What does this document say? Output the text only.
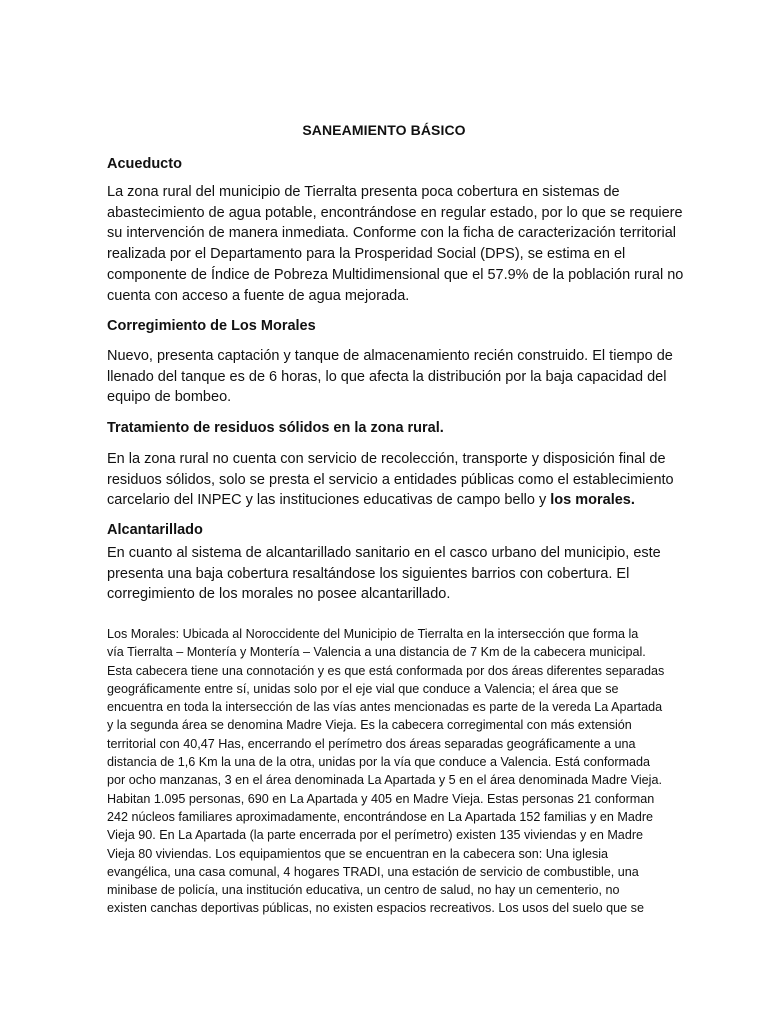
SANEAMIENTO BÁSICO
Acueducto

La zona rural del municipio de Tierralta presenta poca cobertura en sistemas de

abastecimiento de agua potable, encontrándose en regular estado, por lo que se requiere

su intervención de manera inmediata. Conforme con la ficha de caracterización territorial

realizada por el Departamento para la Prosperidad Social (DPS), se estima en el

componente de Índice de Pobreza Multidimensional que el 57.9% de la población rural no

cuenta con acceso a fuente de agua mejorada.

Corregimiento de Los Morales

Nuevo, presenta captación y tanque de almacenamiento recién construido. El tiempo de

llenado del tanque es de 6 horas, lo que afecta la distribución por la baja capacidad del

equipo de bombeo.

Tratamiento de residuos sólidos en la zona rural.

En la zona rural no cuenta con servicio de recolección, transporte y disposición final de

residuos sólidos, solo se presta el servicio a entidades públicas como el establecimiento

carcelario del INPEC y las instituciones educativas de campo bello y los morales.

Alcantarillado

En cuanto al sistema de alcantarillado sanitario en el casco urbano del municipio, este

presenta una baja cobertura resaltándose los siguientes barrios con cobertura. El

corregimiento de los morales no posee alcantarillado.

Los Morales: Ubicada al Noroccidente del Municipio de Tierralta en la intersección que forma la

vía Tierralta – Montería y Montería – Valencia a una distancia de 7 Km de la cabecera municipal.

Esta cabecera tiene una connotación y es que está conformada por dos áreas diferentes separadas

geográficamente entre sí, unidas solo por el eje vial que conduce a Valencia; el área que se

encuentra en toda la intersección de las vías antes mencionadas es parte de la vereda La Apartada

y la segunda área se denomina Madre Vieja. Es la cabecera corregimental con más extensión

territorial con 40,47 Has, encerrando el perímetro dos áreas separadas geográficamente a una

distancia de 1,6 Km la una de la otra, unidas por la vía que conduce a Valencia. Está conformada

por ocho manzanas, 3 en el área denominada La Apartada y 5 en el área denominada Madre Vieja.

Habitan 1.095 personas, 690 en La Apartada y 405 en Madre Vieja. Estas personas 21 conforman

242 núcleos familiares aproximadamente, encontrándose en La Apartada 152 familias y en Madre

Vieja 90. En La Apartada (la parte encerrada por el perímetro) existen 135 viviendas y en Madre

Vieja 80 viviendas. Los equipamientos que se encuentran en la cabecera son: Una iglesia

evangélica, una casa comunal, 4 hogares TRADI, una estación de servicio de combustible, una

minibase de policía, una institución educativa, un centro de salud, no hay un cementerio, no

existen canchas deportivas públicas, no existen espacios recreativos. Los usos del suelo que se
